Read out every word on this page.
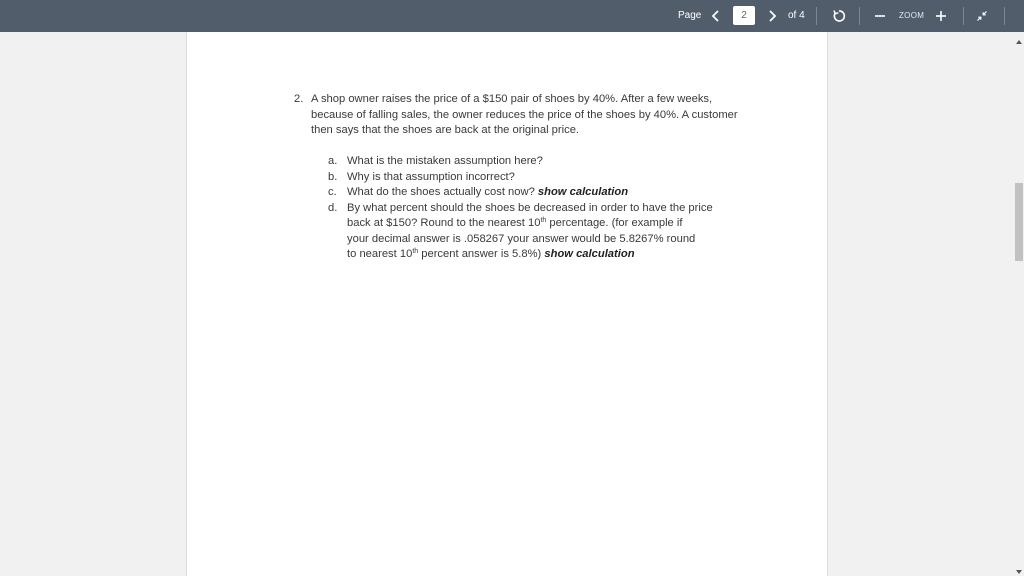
Page
2	of 4	ZOOM
2. A shop owner raises the price of a $150 pair of shoes by 40%. After a few weeks, because of falling sales, the owner reduces the price of the shoes by 40%. A customer then says that the shoes are back at the original price.
a. What is the mistaken assumption here?
b. Why is that assumption incorrect?
c. What do the shoes actually cost now? show calculation
d. By what percent should the shoes be decreased in order to have the price
back at $150? Round to the nearest 10th percentage. (for example if
your decimal answer is .058267 your answer would be 5.8267% round
to nearest 10th percent answer is 5.8%) show calculation
